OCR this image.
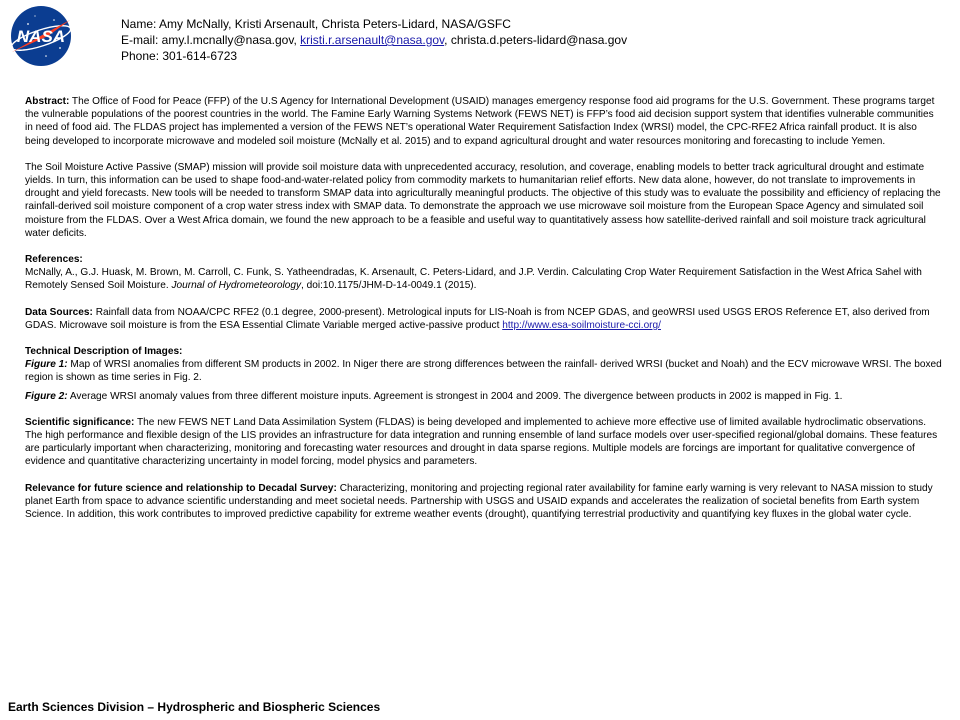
NASA
Name: Amy McNally, Kristi Arsenault, Christa Peters-Lidard, NASA/GSFC
E-mail: amy.l.mcnally@nasa.gov, kristi.r.arsenault@nasa.gov, christa.d.peters-lidard@nasa.gov
Phone: 301-614-6723

Abstract: The Office of Food for Peace (FFP) of the U.S Agency for International Development (USAID) manages emergency response food aid programs for the U.S. Government. These programs target the vulnerable populations of the poorest countries in the world. The Famine Early Warning Systems Network (FEWS NET) is FFP’s food aid decision support system that identifies vulnerable communities in need of food aid. The FLDAS project has implemented a version of the FEWS NET’s operational Water Requirement Satisfaction Index (WRSI) model, the CPC-RFE2 Africa rainfall product. It is also being developed to incorporate microwave and modeled soil moisture (McNally et al. 2015) and to expand agricultural drought and water resources monitoring and forecasting to include Yemen.

The Soil Moisture Active Passive (SMAP) mission will provide soil moisture data with unprecedented accuracy, resolution, and coverage, enabling models to better track agricultural drought and estimate yields. In turn, this information can be used to shape food-and-water-related policy from commodity markets to humanitarian relief efforts. New data alone, however, do not translate to improvements in drought and yield forecasts. New tools will be needed to transform SMAP data into agriculturally meaningful products. The objective of this study was to evaluate the possibility and efficiency of replacing the rainfall-derived soil moisture component of a crop water stress index with SMAP data. To demonstrate the approach we use microwave soil moisture from the European Space Agency and simulated soil moisture from the FLDAS. Over a West Africa domain, we found the new approach to be a feasible and useful way to quantitatively assess how satellite-derived rainfall and soil moisture track agricultural water deficits.

References:

McNally, A., G.J. Huask, M. Brown, M. Carroll, C. Funk, S. Yatheendradas, K. Arsenault, C. Peters-Lidard, and J.P. Verdin. Calculating Crop Water Requirement Satisfaction in the West Africa Sahel with Remotely Sensed Soil Moisture. Journal of Hydrometeorology, doi:10.1175/JHM-D-14-0049.1 (2015).

Data Sources: Rainfall data from NOAA/CPC RFE2 (0.1 degree, 2000-present). Metrological inputs for LIS-Noah is from NCEP GDAS, and geoWRSI used USGS EROS Reference ET, also derived from GDAS. Microwave soil moisture is from the ESA Essential Climate Variable merged active-passive product http://www.esa-soilmoisture-cci.org/

Technical Description of Images:

Figure 1: Map of WRSI anomalies from different SM products in 2002. In Niger there are strong differences between the rainfall- derived WRSI (bucket and Noah) and the ECV microwave WRSI. The boxed region is shown as time series in Fig. 2.

Figure 2: Average WRSI anomaly values from three different moisture inputs. Agreement is strongest in 2004 and 2009. The divergence between products in 2002 is mapped in Fig. 1.

Scientific significance: The new FEWS NET Land Data Assimilation System (FLDAS) is being developed and implemented to achieve more effective use of limited available hydroclimatic observations. The high performance and flexible design of the LIS provides an infrastructure for data integration and running ensemble of land surface models over user-specified regional/global domains. These features are particularly important when characterizing, monitoring and forecasting water resources and drought in data sparse regions. Multiple models are forcings are important for qualitative convergence of evidence and quantitative characterizing uncertainty in model forcing, model physics and parameters.

Relevance for future science and relationship to Decadal Survey: Characterizing, monitoring and projecting regional rater availability for famine early warning is very relevant to NASA mission to study planet Earth from space to advance scientific understanding and meet societal needs. Partnership with USGS and USAID expands and accelerates the realization of societal benefits from Earth system Science. In addition, this work contributes to improved predictive capability for extreme weather events (drought), quantifying terrestrial productivity and quantifying key fluxes in the global water cycle.

Earth Sciences Division – Hydrospheric and Biospheric Sciences
